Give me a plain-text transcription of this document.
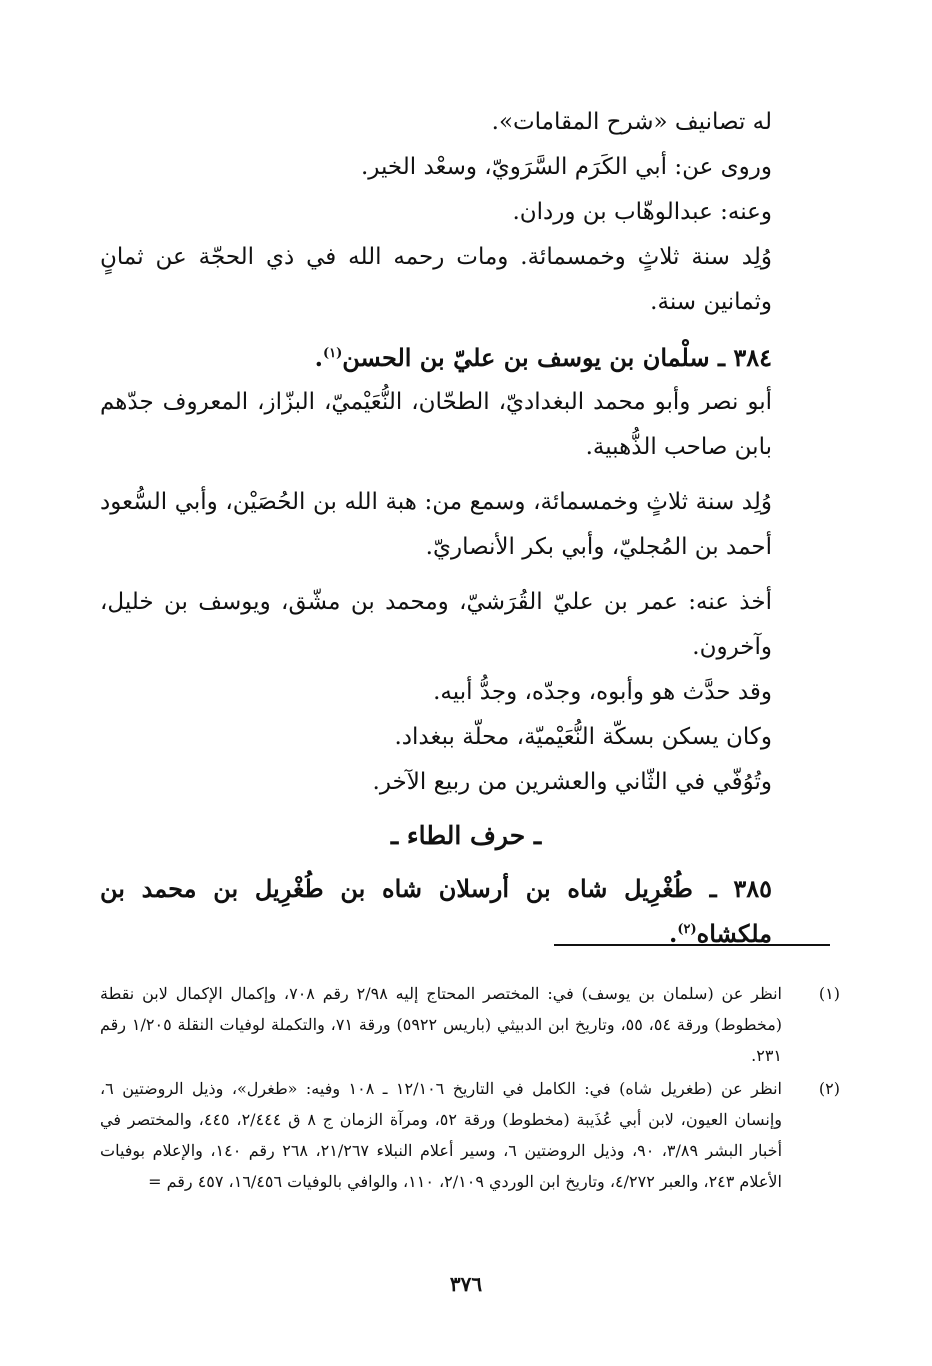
له تصانيف «شرح المقامات».

وروى عن: أبي الكَرَم السَّرَويّ، وسعْد الخير.

وعنه: عبدالوهّاب بن وردان.

وُلِد سنة ثلاثٍ وخمسمائة. ومات رحمه الله في ذي الحجّة عن ثمانٍ وثمانين سنة.

٣٨٤ ـ سلْمان بن يوسف بن عليّ بن الحسن$^{(١)}$.

أبو نصر وأبو محمد البغداديّ، الطحّان، النُّعَيْميّ، البزّاز، المعروف جدّهم بابن صاحب الذُّهبية.

وُلِد سنة ثلاثٍ وخمسمائة، وسمع من: هبة الله بن الحُصَيْن، وأبي السُّعود أحمد بن المُجليّ، وأبي بكر الأنصاريّ.

أخذ عنه: عمر بن عليّ القُرَشيّ، ومحمد بن مشّق، ويوسف بن خليل، وآخرون.

وقد حدَّث هو وأبوه، وجدّه، وجدُّ أبيه.

وكان يسكن بسكّة النُّعَيْميّة، محلّة ببغداد.

وتُوُفّي في الثّاني والعشرين من ربيع الآخر.

ـ حرف الطاء ـ

٣٨٥ ـ طُغْرِيل شاه بن أرسلان شاه بن طُغْرِيل بن محمد بن ملكشاه$^{(٢)}$.

(١)
انظر عن (سلمان بن يوسف) في: المختصر المحتاج إليه ٢/٩٨ رقم ٧٠٨، وإكمال الإكمال لابن نقطة (مخطوط) ورقة ٥٤، ٥٥، وتاريخ ابن الدبيثي (باريس ٥٩٢٢) ورقة ٧١، والتكملة لوفيات النقلة ١/٢٠٥ رقم ٢٣١.
(٢)
انظر عن (طغريل شاه) في: الكامل في التاريخ ١٢/١٠٦ ـ ١٠٨ وفيه: «طغرل»، وذيل الروضتين ٦، وإنسان العيون، لابن أبي عُذَيبة (مخطوط) ورقة ٥٢، ومرآة الزمان ج ٨ ق ٢/٤٤٤، ٤٤٥، والمختصر في أخبار البشر ٣/٨٩، ٩٠، وذيل الروضتين ٦، وسير أعلام النبلاء ٢١/٢٦٧، ٢٦٨ رقم ١٤٠، والإعلام بوفيات الأعلام ٢٤٣، والعبر ٤/٢٧٢، وتاريخ ابن الوردي ٢/١٠٩، ١١٠، والوافي بالوفيات ١٦/٤٥٦، ٤٥٧ رقم =
٣٧٦
